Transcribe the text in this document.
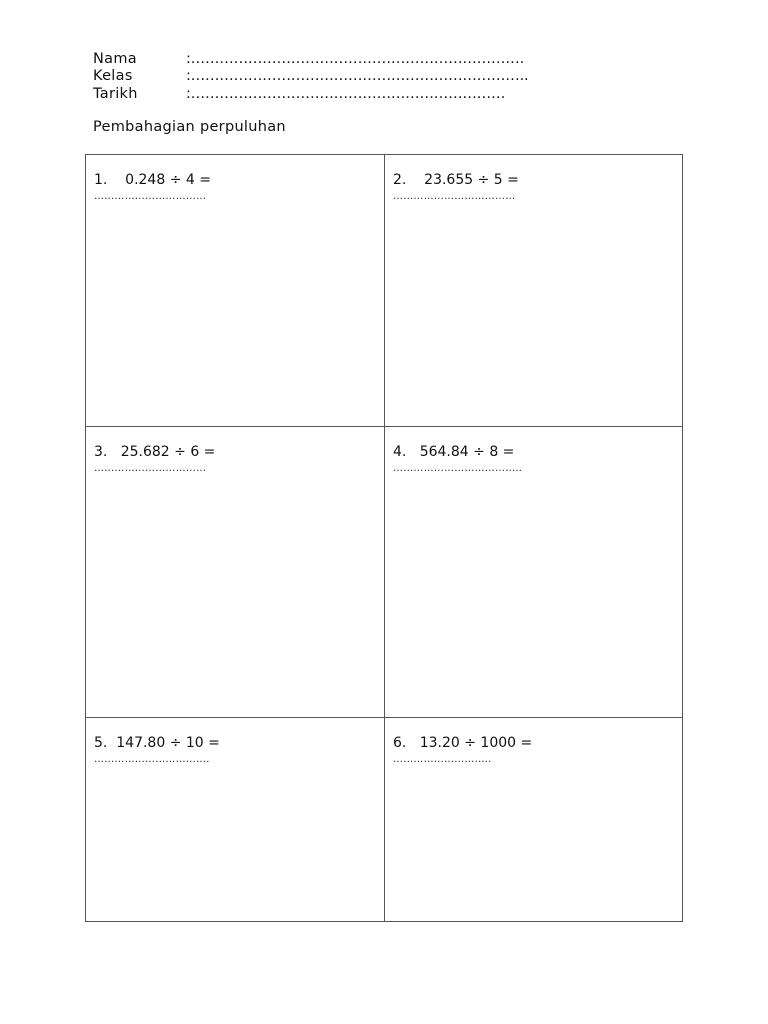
Nama	:…………………………………………………………….
Kelas	:……………………………………………………………..
Tarikh	:…………………………………………………………
Pembahagian perpuluhan
1.    0.248 ÷ 4 =
……………………………
2.    23.655 ÷ 5 =
………………………………
3.   25.682 ÷ 6 =
……………………………
4.   564.84 ÷ 8 =
………………………………..
5.  147.80 ÷ 10 =
…………………………….
6.   13.20 ÷ 1000 =
………………………..
